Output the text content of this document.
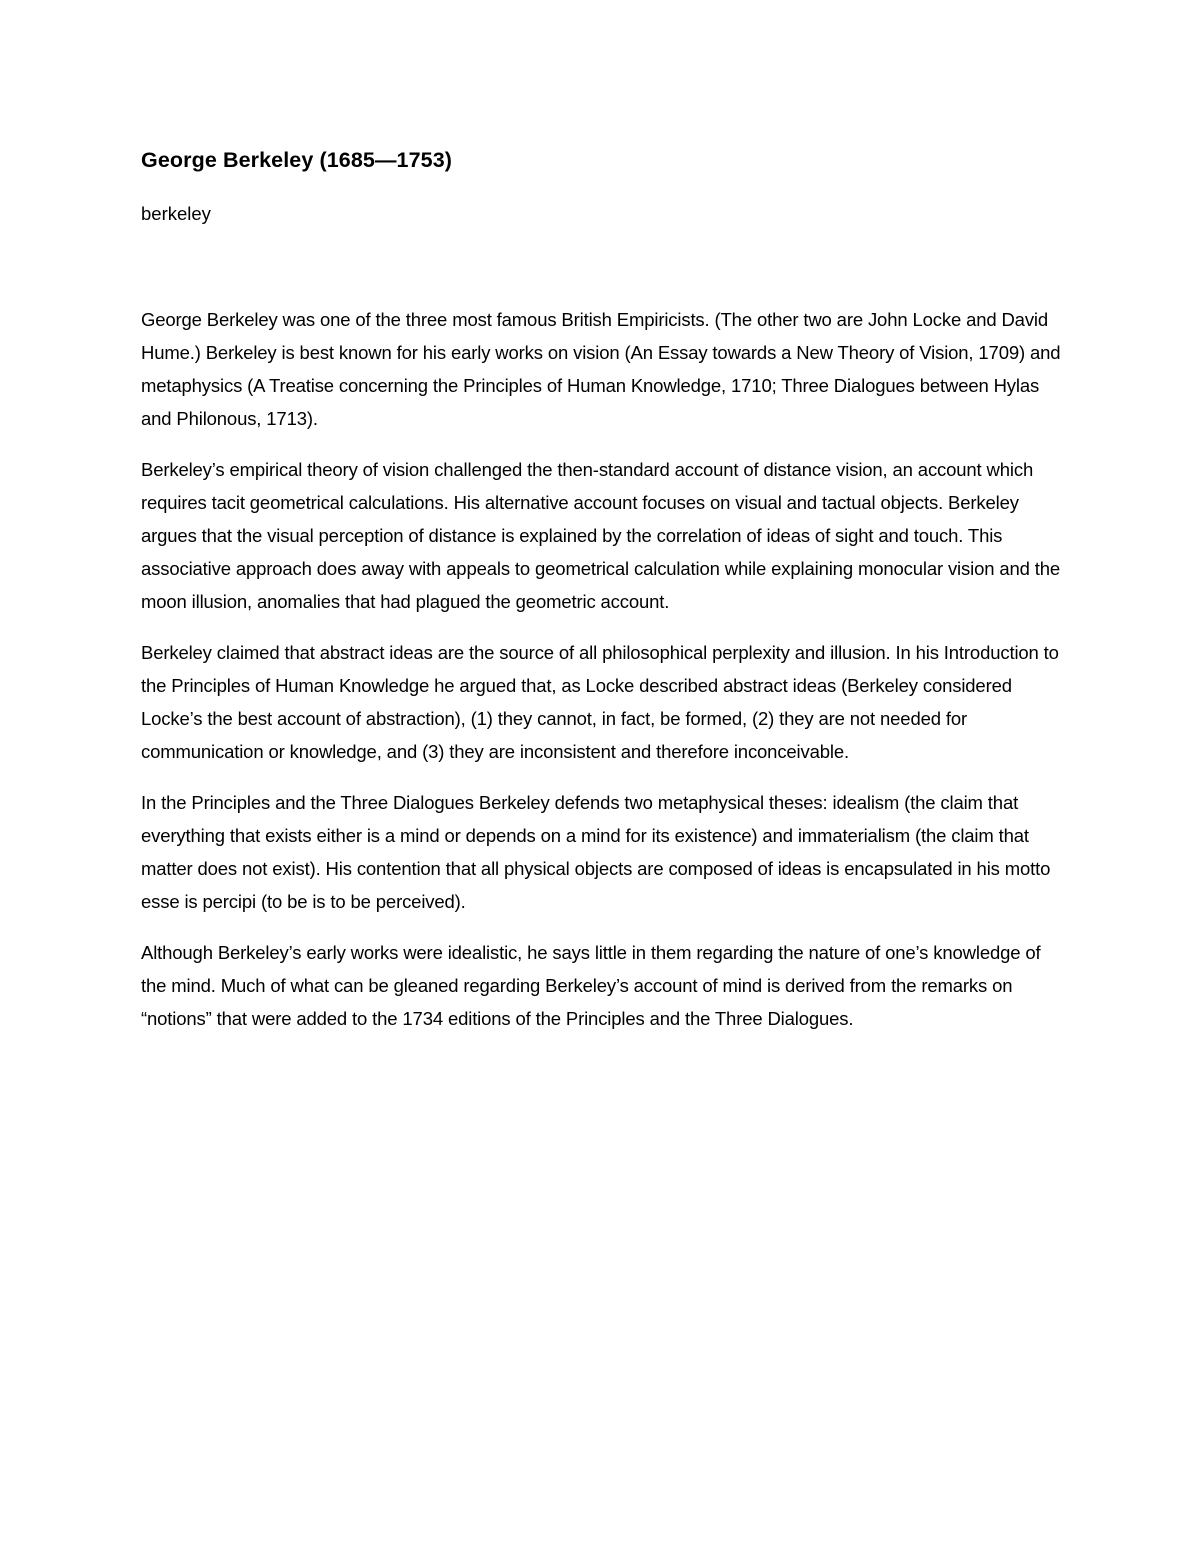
George Berkeley (1685—1753)

berkeley

George Berkeley was one of the three most famous British Empiricists. (The other two are John Locke and David Hume.) Berkeley is best known for his early works on vision (An Essay towards a New Theory of Vision, 1709) and metaphysics (A Treatise concerning the Principles of Human Knowledge, 1710; Three Dialogues between Hylas and Philonous, 1713).

Berkeley’s empirical theory of vision challenged the then-standard account of distance vision, an account which requires tacit geometrical calculations. His alternative account focuses on visual and tactual objects. Berkeley argues that the visual perception of distance is explained by the correlation of ideas of sight and touch. This associative approach does away with appeals to geometrical calculation while explaining monocular vision and the moon illusion, anomalies that had plagued the geometric account.

Berkeley claimed that abstract ideas are the source of all philosophical perplexity and illusion. In his Introduction to the Principles of Human Knowledge he argued that, as Locke described abstract ideas (Berkeley considered Locke’s the best account of abstraction), (1) they cannot, in fact, be formed, (2) they are not needed for communication or knowledge, and (3) they are inconsistent and therefore inconceivable.

In the Principles and the Three Dialogues Berkeley defends two metaphysical theses: idealism (the claim that everything that exists either is a mind or depends on a mind for its existence) and immaterialism (the claim that matter does not exist). His contention that all physical objects are composed of ideas is encapsulated in his motto esse is percipi (to be is to be perceived).

Although Berkeley’s early works were idealistic, he says little in them regarding the nature of one’s knowledge of the mind. Much of what can be gleaned regarding Berkeley’s account of mind is derived from the remarks on “notions” that were added to the 1734 editions of the Principles and the Three Dialogues.
